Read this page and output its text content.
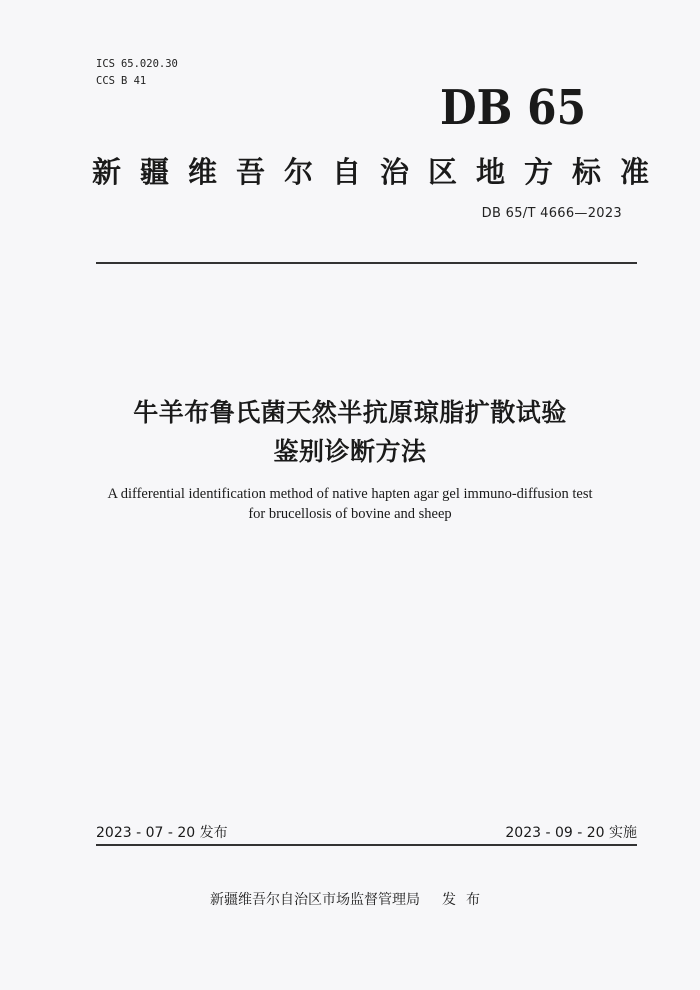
ICS 65.020.30
CCS B 41	DB 65
新疆维吾尔自治区地方标准
DB 65/T 4666—2023
牛羊布鲁氏菌天然半抗原琼脂扩散试验
鉴别诊断方法
A differential identification method of native hapten agar gel immuno-diffusion test
for brucellosis of bovine and sheep
2023 - 07 - 20 发布	2023 - 09 - 20 实施
新疆维吾尔自治区市场监督管理局 发布
